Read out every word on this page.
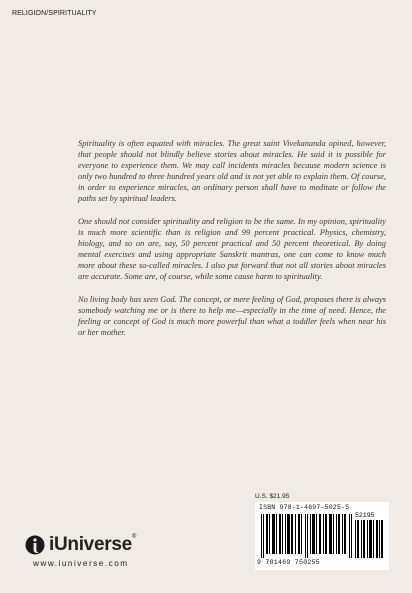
RELIGION/SPIRITUALITY

Spirituality is often equated with miracles. The great saint Vivekananda opined, however, that people should not blindly believe stories about miracles. He said it is possible for everyone to experience them. We may call incidents miracles because modern science is only two hundred to three hundred years old and is not yet able to explain them. Of course, in order to experience miracles, an ordinary person shall have to meditate or follow the paths set by spiritual leaders.

One should not consider spirituality and religion to be the same. In my opinion, spirituality is much more scientific than is religion and 99 percent practical. Physics, chemistry, biology, and so on are, say, 50 percent practical and 50 percent theoretical. By doing mental exercises and using appropriate Sanskrit mantras, one can come to know much more about these so-called miracles. I also put forward that not all stories about miracles are accurate. Some are, of course, while some cause harm to spirituality.

No living body has seen God. The concept, or mere feeling of God, proposes there is always somebody watching me or is there to help me—especially in the time of need. Hence, the feeling or concept of God is much more powerful than what a toddler feels when near his or her mother.

U.S. $21.95
ISBN 978-1-4697-5025-5
52195
9 781469 750255
iUniverse®
www.iuniverse.com
